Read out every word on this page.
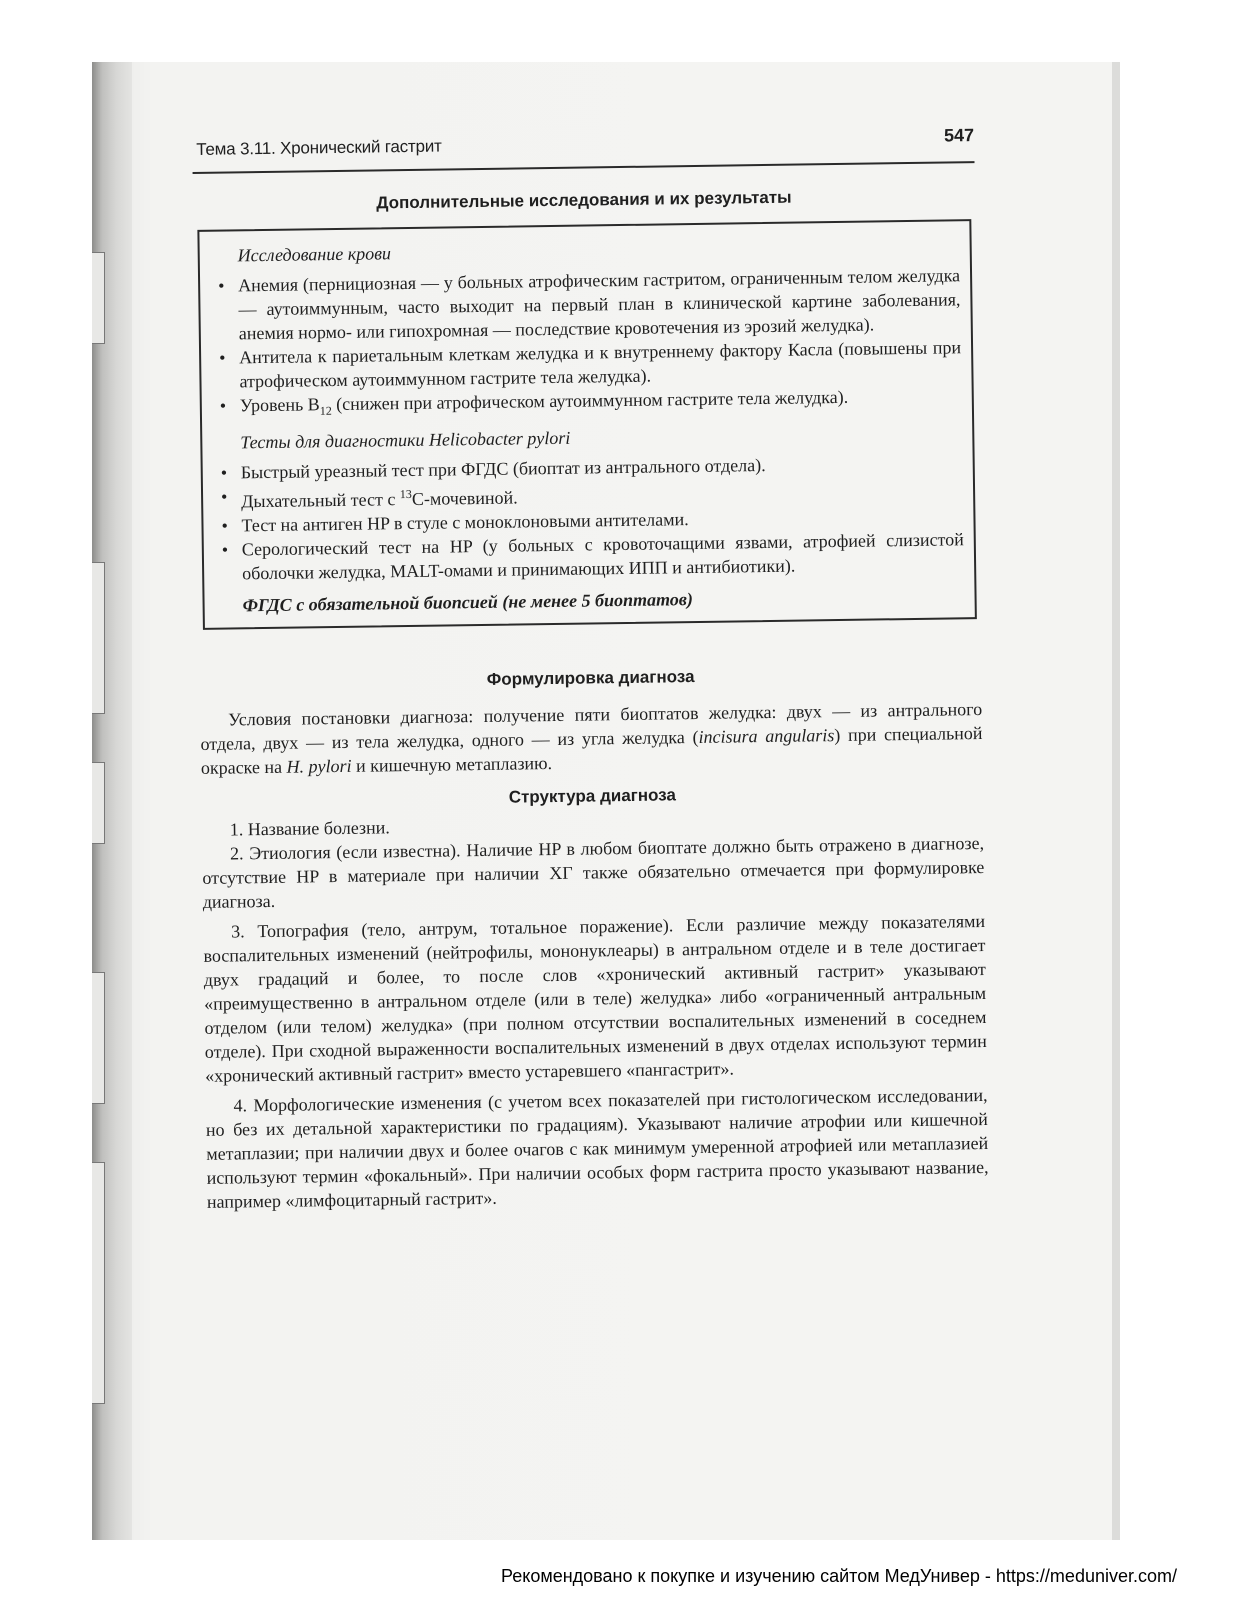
Тема 3.11. Хронический гастрит
547
Дополнительные исследования и их результаты
Исследование крови
• Анемия (пернициозная — у больных атрофическим гастритом, ограниченным телом желудка — аутоиммунным, часто выходит на первый план в клинической картине заболевания, анемия нормо- или гипохромная — последствие кровотечения из эрозий желудка).
• Антитела к париетальным клеткам желудка и к внутреннему фактору Касла (повышены при атрофическом аутоиммунном гастрите тела желудка).
• Уровень $B_{12}$ (снижен при атрофическом аутоиммунном гастрите тела желудка).
Тесты для диагностики Helicobacter pylori
• Быстрый уреазный тест при ФГДС (биоптат из антрального отдела).
• Дыхательный тест с $^{13}$С-мочевиной.
• Тест на антиген HP в стуле с моноклоновыми антителами.
• Серологический тест на HP (у больных с кровоточащими язвами, атрофией слизистой оболочки желудка, MALT-омами и принимающих ИПП и антибиотики).
ФГДС с обязательной биопсией (не менее 5 биоптатов)
Формулировка диагноза

Условия постановки диагноза: получение пяти биоптатов желудка: двух — из антрального отдела, двух — из тела желудка, одного — из угла желудка (incisura angularis) при специальной окраске на H. pylori и кишечную метаплазию.

Структура диагноза

1. Название болезни.

2. Этиология (если известна). Наличие HP в любом биоптате должно быть отражено в диагнозе, отсутствие HP в материале при наличии ХГ также обязательно отмечается при формулировке диагноза.

3. Топография (тело, антрум, тотальное поражение). Если различие между показателями воспалительных изменений (нейтрофилы, мононуклеары) в антральном отделе и в теле достигает двух градаций и более, то после слов «хронический активный гастрит» указывают «преимущественно в антральном отделе (или в теле) желудка» либо «ограниченный антральным отделом (или телом) желудка» (при полном отсутствии воспалительных изменений в соседнем отделе). При сходной выраженности воспалительных изменений в двух отделах используют термин «хронический активный гастрит» вместо устаревшего «пангастрит».

4. Морфологические изменения (с учетом всех показателей при гистологическом исследовании, но без их детальной характеристики по градациям). Указывают наличие атрофии или кишечной метаплазии; при наличии двух и более очагов с как минимум умеренной атрофией или метаплазией используют термин «фокальный». При наличии особых форм гастрита просто указывают название, например «лимфоцитарный гастрит».

Рекомендовано к покупке и изучению сайтом МедУнивер - https://meduniver.com/
